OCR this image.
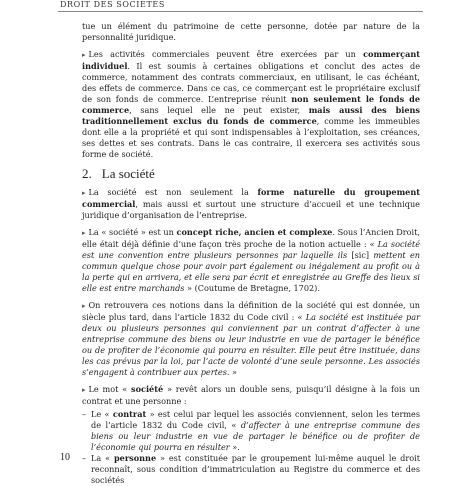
DROIT DES SOCIÉTÉS

tue un élément du patrimoine de cette personne, dotée par nature de la personnalité juridique.

▸ Les activités commerciales peuvent être exercées par un commerçant individuel. Il est soumis à certaines obligations et conclut des actes de commerce, notamment des contrats commerciaux, en utilisant, le cas échéant, des effets de commerce. Dans ce cas, ce commerçant est le propriétaire exclusif de son fonds de commerce. L’entreprise réunit non seulement le fonds de commerce, sans lequel elle ne peut exister, mais aussi des biens traditionnellement exclus du fonds de commerce, comme les immeubles dont elle a la propriété et qui sont indispensables à l’exploitation, ses créances, ses dettes et ses contrats. Dans le cas contraire, il exercera ses activités sous forme de société.

2. La société

▸ La société est non seulement la forme naturelle du groupement commercial, mais aussi et surtout une structure d’accueil et une technique juridique d’organisation de l’entreprise.

▸ La « société » est un concept riche, ancien et complexe. Sous l’Ancien Droit, elle était déjà définie d’une façon très proche de la notion actuelle : « La société est une convention entre plusieurs personnes par laquelle ils [sic] mettent en commun quelque chose pour avoir part également ou inégalement au profit ou à la perte qui en arrivera, et elle sera par écrit et enregistrée au Greffe des lieux si elle est entre marchands » (Coutume de Bretagne, 1702).

▸ On retrouvera ces notions dans la définition de la société qui est donnée, un siècle plus tard, dans l’article 1832 du Code civil : « La société est instituée par deux ou plusieurs personnes qui conviennent par un contrat d’affecter à une entreprise commune des biens ou leur industrie en vue de partager le bénéfice ou de profiter de l’économie qui pourra en résulter. Elle peut être instituée, dans les cas prévus par la loi, par l’acte de volonté d’une seule personne. Les associés s’engagent à contribuer aux pertes. »

▸ Le mot « société » revêt alors un double sens, puisqu’il désigne à la fois un contrat et une personne :

– Le « contrat » est celui par lequel les associés conviennent, selon les termes de l’article 1832 du Code civil, « d’affecter à une entreprise commune des biens ou leur industrie en vue de partager le bénéfice ou de profiter de l’économie qui pourra en résulter ».
– La « personne » est constituée par le groupement lui-même auquel le droit reconnaît, sous condition d’immatriculation au Registre du commerce et des sociétés
10
